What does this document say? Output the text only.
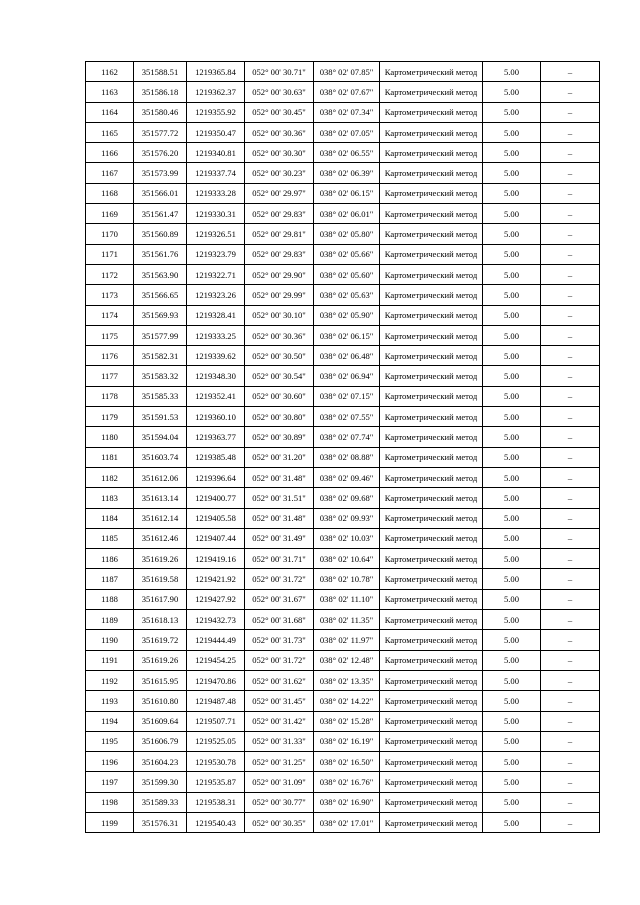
1162	351588.51	1219365.84	052° 00' 30.71"	038° 02' 07.85"	Картометрический метод	5.00	–
1163	351586.18	1219362.37	052° 00' 30.63"	038° 02' 07.67"	Картометрический метод	5.00	–
1164	351580.46	1219355.92	052° 00' 30.45"	038° 02' 07.34"	Картометрический метод	5.00	–
1165	351577.72	1219350.47	052° 00' 30.36"	038° 02' 07.05"	Картометрический метод	5.00	–
1166	351576.20	1219340.81	052° 00' 30.30"	038° 02' 06.55"	Картометрический метод	5.00	–
1167	351573.99	1219337.74	052° 00' 30.23"	038° 02' 06.39"	Картометрический метод	5.00	–
1168	351566.01	1219333.28	052° 00' 29.97"	038° 02' 06.15"	Картометрический метод	5.00	–
1169	351561.47	1219330.31	052° 00' 29.83"	038° 02' 06.01"	Картометрический метод	5.00	–
1170	351560.89	1219326.51	052° 00' 29.81"	038° 02' 05.80"	Картометрический метод	5.00	–
1171	351561.76	1219323.79	052° 00' 29.83"	038° 02' 05.66"	Картометрический метод	5.00	–
1172	351563.90	1219322.71	052° 00' 29.90"	038° 02' 05.60"	Картометрический метод	5.00	–
1173	351566.65	1219323.26	052° 00' 29.99"	038° 02' 05.63"	Картометрический метод	5.00	–
1174	351569.93	1219328.41	052° 00' 30.10"	038° 02' 05.90"	Картометрический метод	5.00	–
1175	351577.99	1219333.25	052° 00' 30.36"	038° 02' 06.15"	Картометрический метод	5.00	–
1176	351582.31	1219339.62	052° 00' 30.50"	038° 02' 06.48"	Картометрический метод	5.00	–
1177	351583.32	1219348.30	052° 00' 30.54"	038° 02' 06.94"	Картометрический метод	5.00	–
1178	351585.33	1219352.41	052° 00' 30.60"	038° 02' 07.15"	Картометрический метод	5.00	–
1179	351591.53	1219360.10	052° 00' 30.80"	038° 02' 07.55"	Картометрический метод	5.00	–
1180	351594.04	1219363.77	052° 00' 30.89"	038° 02' 07.74"	Картометрический метод	5.00	–
1181	351603.74	1219385.48	052° 00' 31.20"	038° 02' 08.88"	Картометрический метод	5.00	–
1182	351612.06	1219396.64	052° 00' 31.48"	038° 02' 09.46"	Картометрический метод	5.00	–
1183	351613.14	1219400.77	052° 00' 31.51"	038° 02' 09.68"	Картометрический метод	5.00	–
1184	351612.14	1219405.58	052° 00' 31.48"	038° 02' 09.93"	Картометрический метод	5.00	–
1185	351612.46	1219407.44	052° 00' 31.49"	038° 02' 10.03"	Картометрический метод	5.00	–
1186	351619.26	1219419.16	052° 00' 31.71"	038° 02' 10.64"	Картометрический метод	5.00	–
1187	351619.58	1219421.92	052° 00' 31.72"	038° 02' 10.78"	Картометрический метод	5.00	–
1188	351617.90	1219427.92	052° 00' 31.67"	038° 02' 11.10"	Картометрический метод	5.00	–
1189	351618.13	1219432.73	052° 00' 31.68"	038° 02' 11.35"	Картометрический метод	5.00	–
1190	351619.72	1219444.49	052° 00' 31.73"	038° 02' 11.97"	Картометрический метод	5.00	–
1191	351619.26	1219454.25	052° 00' 31.72"	038° 02' 12.48"	Картометрический метод	5.00	–
1192	351615.95	1219470.86	052° 00' 31.62"	038° 02' 13.35"	Картометрический метод	5.00	–
1193	351610.80	1219487.48	052° 00' 31.45"	038° 02' 14.22"	Картометрический метод	5.00	–
1194	351609.64	1219507.71	052° 00' 31.42"	038° 02' 15.28"	Картометрический метод	5.00	–
1195	351606.79	1219525.05	052° 00' 31.33"	038° 02' 16.19"	Картометрический метод	5.00	–
1196	351604.23	1219530.78	052° 00' 31.25"	038° 02' 16.50"	Картометрический метод	5.00	–
1197	351599.30	1219535.87	052° 00' 31.09"	038° 02' 16.76"	Картометрический метод	5.00	–
1198	351589.33	1219538.31	052° 00' 30.77"	038° 02' 16.90"	Картометрический метод	5.00	–
1199	351576.31	1219540.43	052° 00' 30.35"	038° 02' 17.01"	Картометрический метод	5.00	–
